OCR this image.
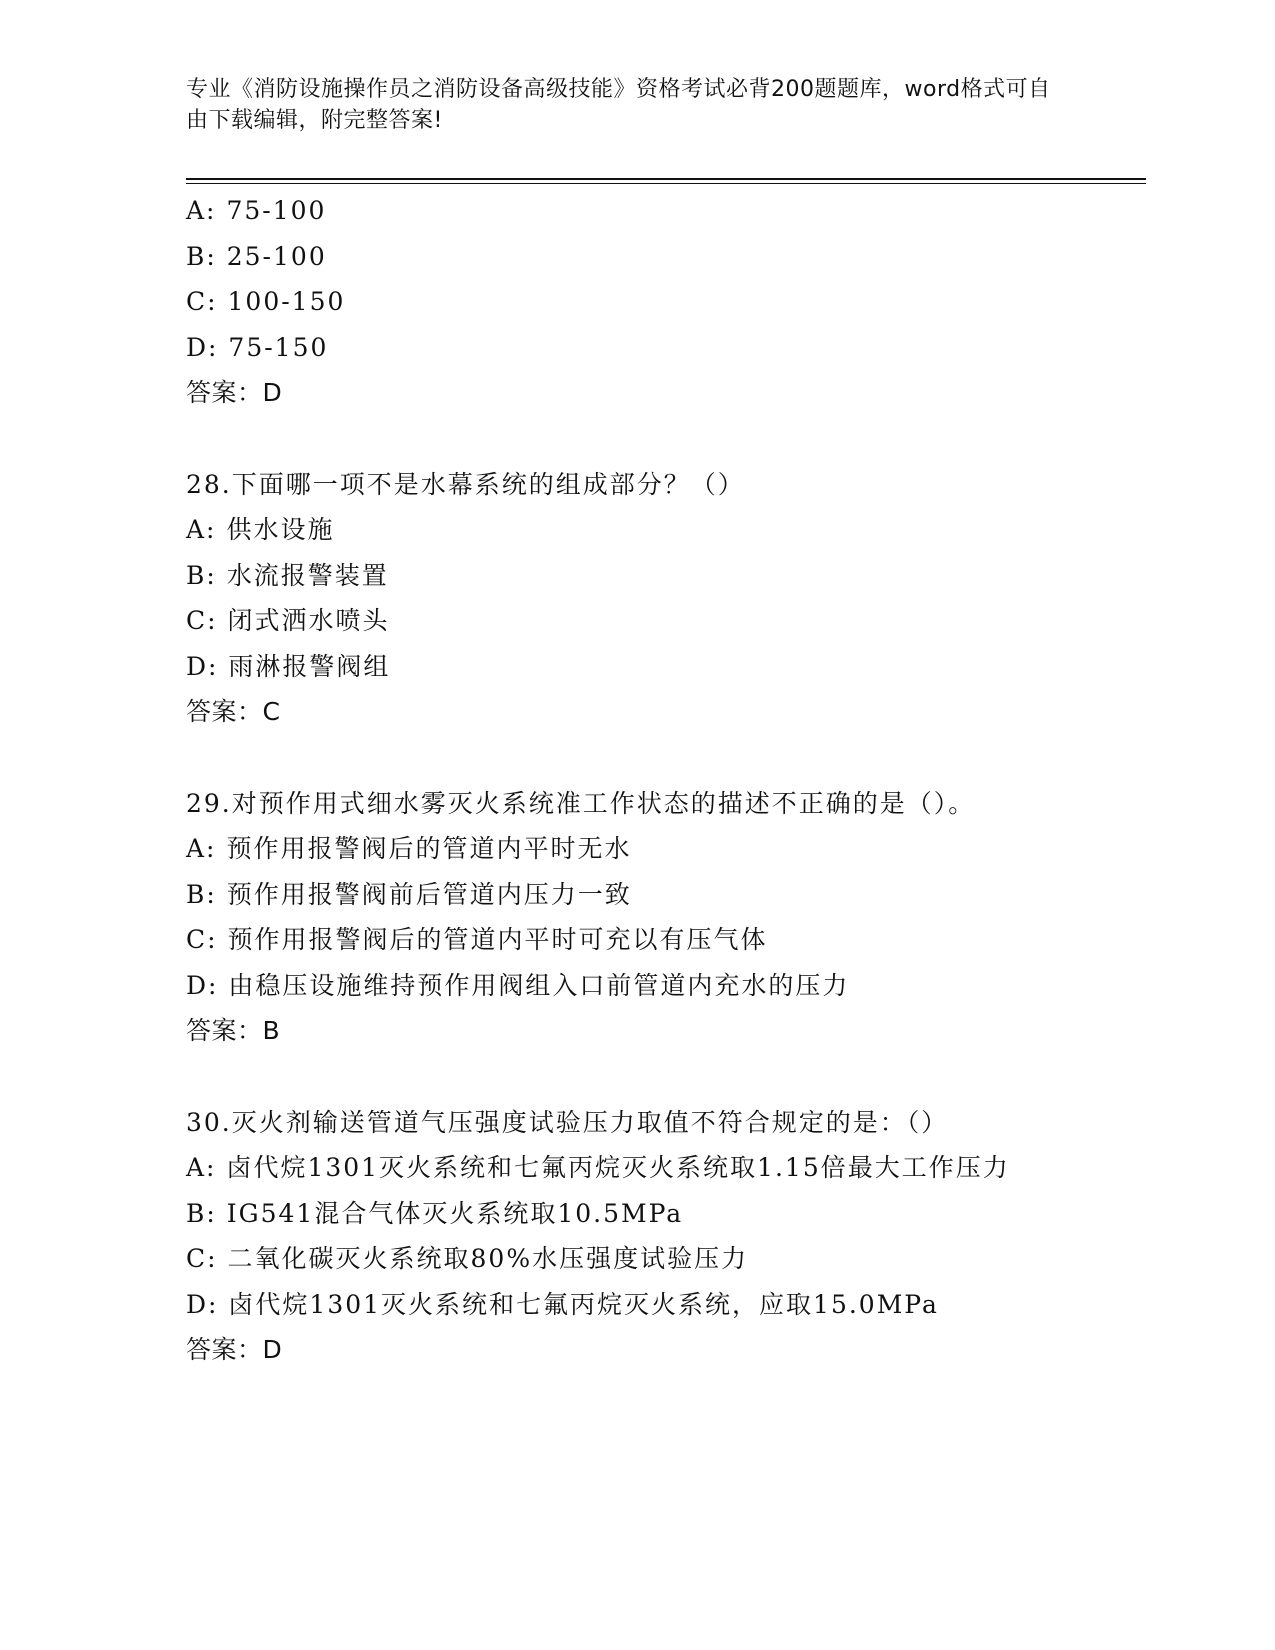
专业《消防设施操作员之消防设备高级技能》资格考试必背200题题库，word格式可自由下载编辑，附完整答案!
A: 75-100
B: 25-100
C: 100-150
D: 75-150
答案：D
28.下面哪一项不是水幕系统的组成部分？（）
A: 供水设施
B: 水流报警装置
C: 闭式洒水喷头
D: 雨淋报警阀组
答案：C
29.对预作用式细水雾灭火系统准工作状态的描述不正确的是（）。
A: 预作用报警阀后的管道内平时无水
B: 预作用报警阀前后管道内压力一致
C: 预作用报警阀后的管道内平时可充以有压气体
D: 由稳压设施维持预作用阀组入口前管道内充水的压力
答案：B
30.灭火剂输送管道气压强度试验压力取值不符合规定的是：（）
A: 卤代烷1301灭火系统和七氟丙烷灭火系统取1.15倍最大工作压力
B: IG541混合气体灭火系统取10.5MPa
C: 二氧化碳灭火系统取80%水压强度试验压力
D: 卤代烷1301灭火系统和七氟丙烷灭火系统，应取15.0MPa
答案：D
